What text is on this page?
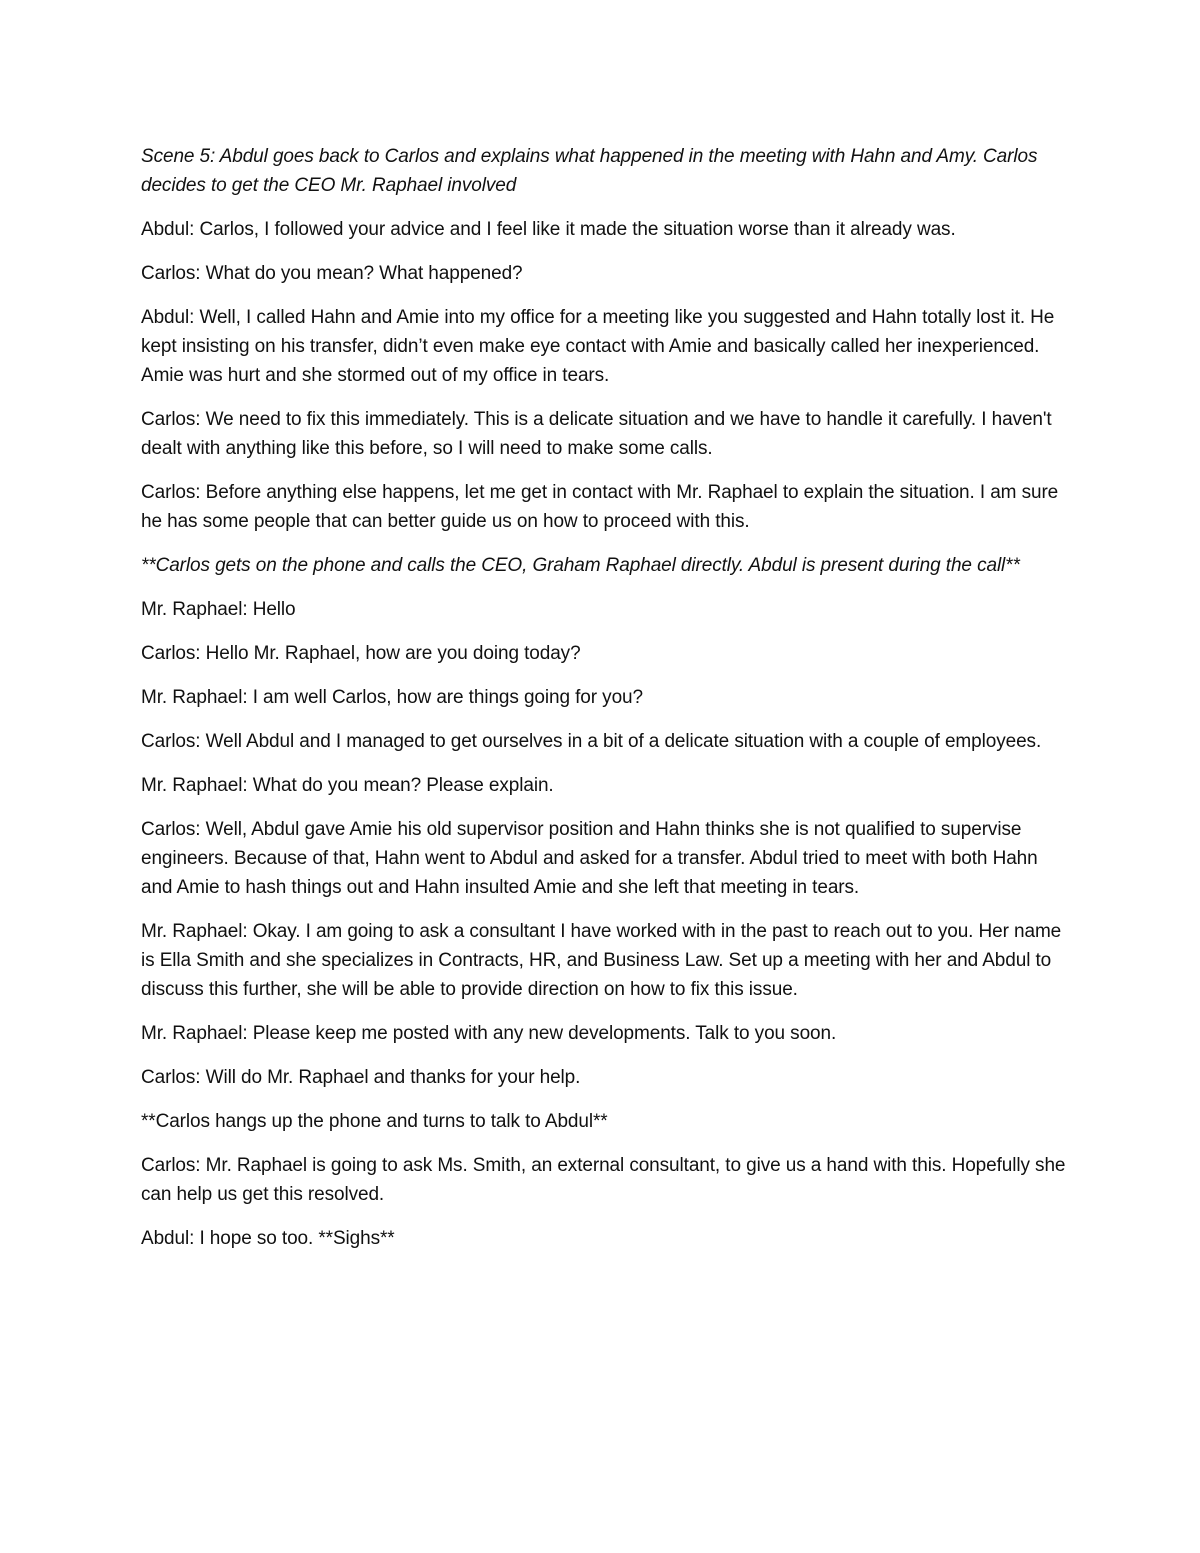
Scene 5: Abdul goes back to Carlos and explains what happened in the meeting with Hahn and Amy. Carlos decides to get the CEO Mr. Raphael involved

Abdul: Carlos, I followed your advice and I feel like it made the situation worse than it already was.

Carlos: What do you mean? What happened?

Abdul: Well, I called Hahn and Amie into my office for a meeting like you suggested and Hahn totally lost it. He kept insisting on his transfer, didn’t even make eye contact with Amie and basically called her inexperienced. Amie was hurt and she stormed out of my office in tears.

Carlos: We need to fix this immediately. This is a delicate situation and we have to handle it carefully. I haven't dealt with anything like this before, so I will need to make some calls.

Carlos: Before anything else happens, let me get in contact with Mr. Raphael to explain the situation. I am sure he has some people that can better guide us on how to proceed with this.

**Carlos gets on the phone and calls the CEO, Graham Raphael directly. Abdul is present during the call**

Mr. Raphael: Hello

Carlos: Hello Mr. Raphael, how are you doing today?

Mr. Raphael: I am well Carlos, how are things going for you?

Carlos: Well Abdul and I managed to get ourselves in a bit of a delicate situation with a couple of employees.

Mr. Raphael: What do you mean? Please explain.

Carlos: Well, Abdul gave Amie his old supervisor position and Hahn thinks she is not qualified to supervise engineers. Because of that, Hahn went to Abdul and asked for a transfer. Abdul tried to meet with both Hahn and Amie to hash things out and Hahn insulted Amie and she left that meeting in tears.

Mr. Raphael: Okay. I am going to ask a consultant I have worked with in the past to reach out to you. Her name is Ella Smith and she specializes in Contracts, HR, and Business Law. Set up a meeting with her and Abdul to discuss this further, she will be able to provide direction on how to fix this issue.

Mr. Raphael: Please keep me posted with any new developments. Talk to you soon.

Carlos: Will do Mr. Raphael and thanks for your help.

**Carlos hangs up the phone and turns to talk to Abdul**

Carlos: Mr. Raphael is going to ask Ms. Smith, an external consultant, to give us a hand with this. Hopefully she can help us get this resolved.

Abdul: I hope so too. **Sighs**
